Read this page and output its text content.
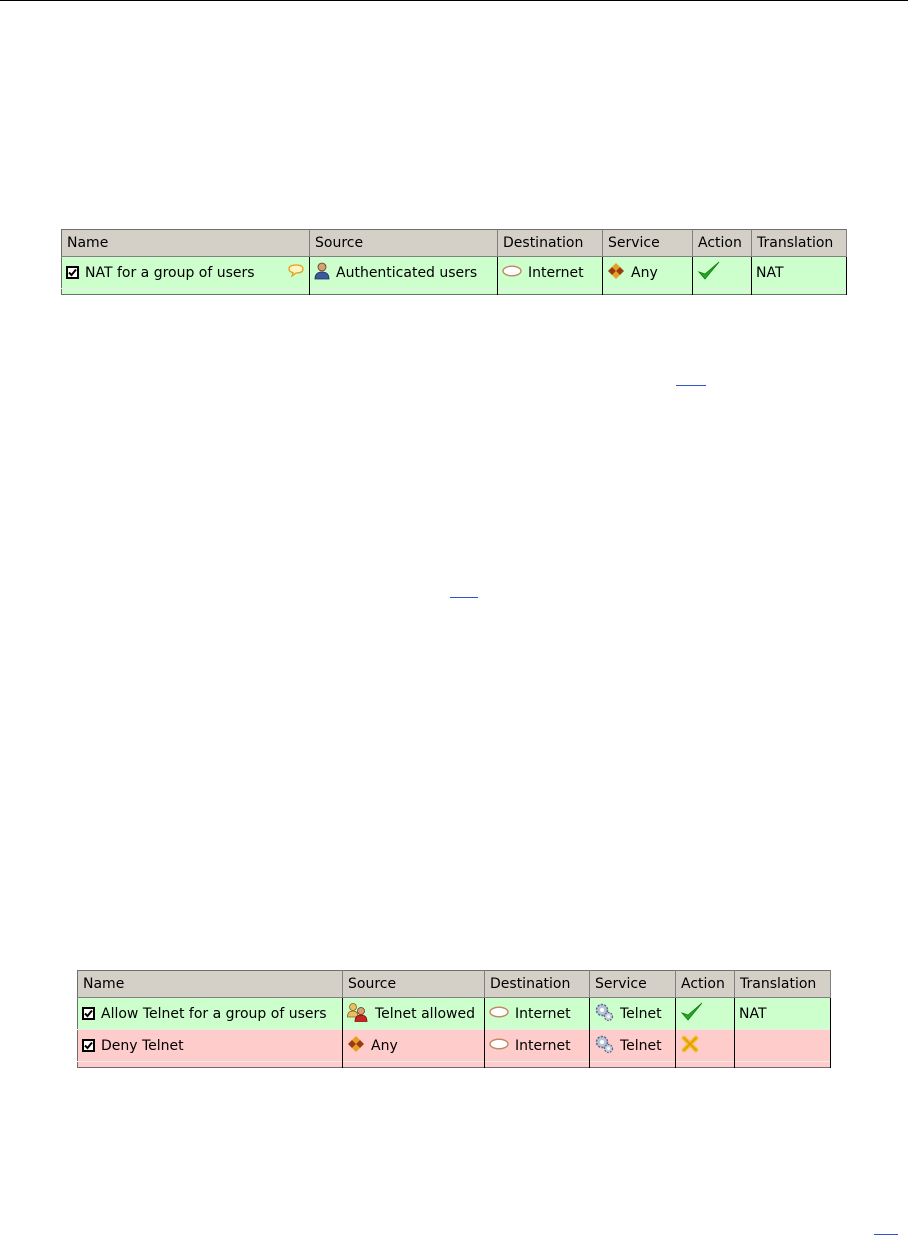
Name	Source	Destination	Service	Action	Translation

NAT for a group of users	Authenticated users	Internet	Any		NAT

Name	Source	Destination	Service	Action	Translation

Allow Telnet for a group of users	Telnet allowed	Internet	Telnet		NAT

Deny Telnet	Any	Internet	Telnet
